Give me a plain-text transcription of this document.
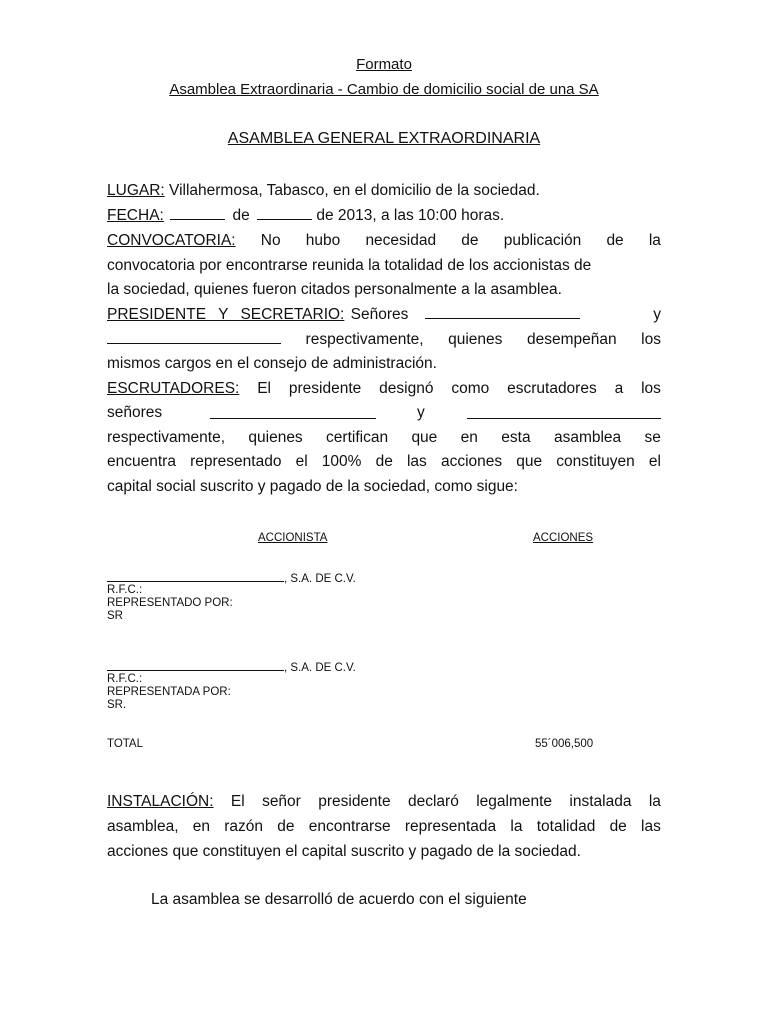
Formato
Asamblea Extraordinaria - Cambio de domicilio social de una SA
ASAMBLEA GENERAL EXTRAORDINARIA
LUGAR: Villahermosa, Tabasco, en el domicilio de la sociedad.
FECHA:	de	de 2013, a las 10:00 horas.
CONVOCATORIA: No hubo necesidad de publicación de la
convocatoria por encontrarse reunida la totalidad de los accionistas de
la sociedad, quienes fueron citados personalmente a la asamblea.
PRESIDENTE Y SECRETARIO: Señores	y
respectivamente, quienes desempeñan los
mismos cargos en el consejo de administración.
ESCRUTADORES: El presidente designó como escrutadores a los
señores	y
respectivamente, quienes certifican que en esta asamblea se
encuentra representado el 100% de las acciones que constituyen el
capital social suscrito y pagado de la sociedad, como sigue:
ACCIONISTA	ACCIONES
, S.A. DE C.V.
R.F.C.:
REPRESENTADO POR:
SR
, S.A. DE C.V.
R.F.C.:
REPRESENTADA POR:
SR.
TOTAL	55´006,500
INSTALACIÓN: El señor presidente declaró legalmente instalada la
asamblea, en razón de encontrarse representada la totalidad de las
acciones que constituyen el capital suscrito y pagado de la sociedad.
La asamblea se desarrolló de acuerdo con el siguiente
